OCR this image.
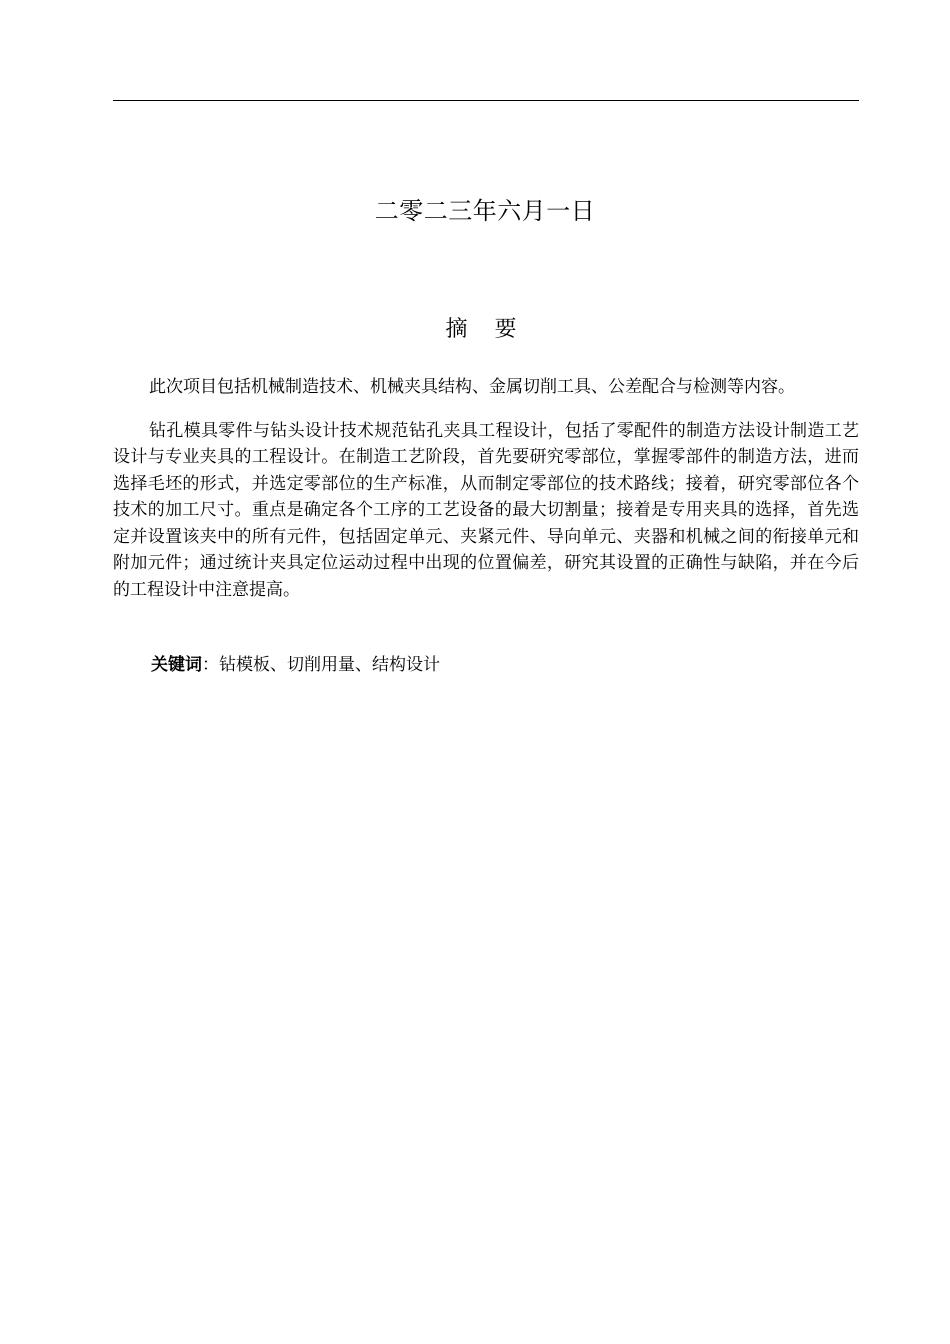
二零二三年六月一日
摘 要

此次项目包括机械制造技术、机械夹具结构、金属切削工具、公差配合与检测等内容。

钻孔模具零件与钻头设计技术规范钻孔夹具工程设计，包括了零配件的制造方法设计制造工艺设计与专业夹具的工程设计。在制造工艺阶段，首先要研究零部位，掌握零部件的制造方法，进而选择毛坯的形式，并选定零部位的生产标准，从而制定零部位的技术路线；接着，研究零部位各个技术的加工尺寸。重点是确定各个工序的工艺设备的最大切割量；接着是专用夹具的选择，首先选定并设置该夹中的所有元件，包括固定单元、夹紧元件、导向单元、夹器和机械之间的衔接单元和附加元件；通过统计夹具定位运动过程中出现的位置偏差，研究其设置的正确性与缺陷，并在今后的工程设计中注意提高。

关键词：钻模板、切削用量、结构设计
